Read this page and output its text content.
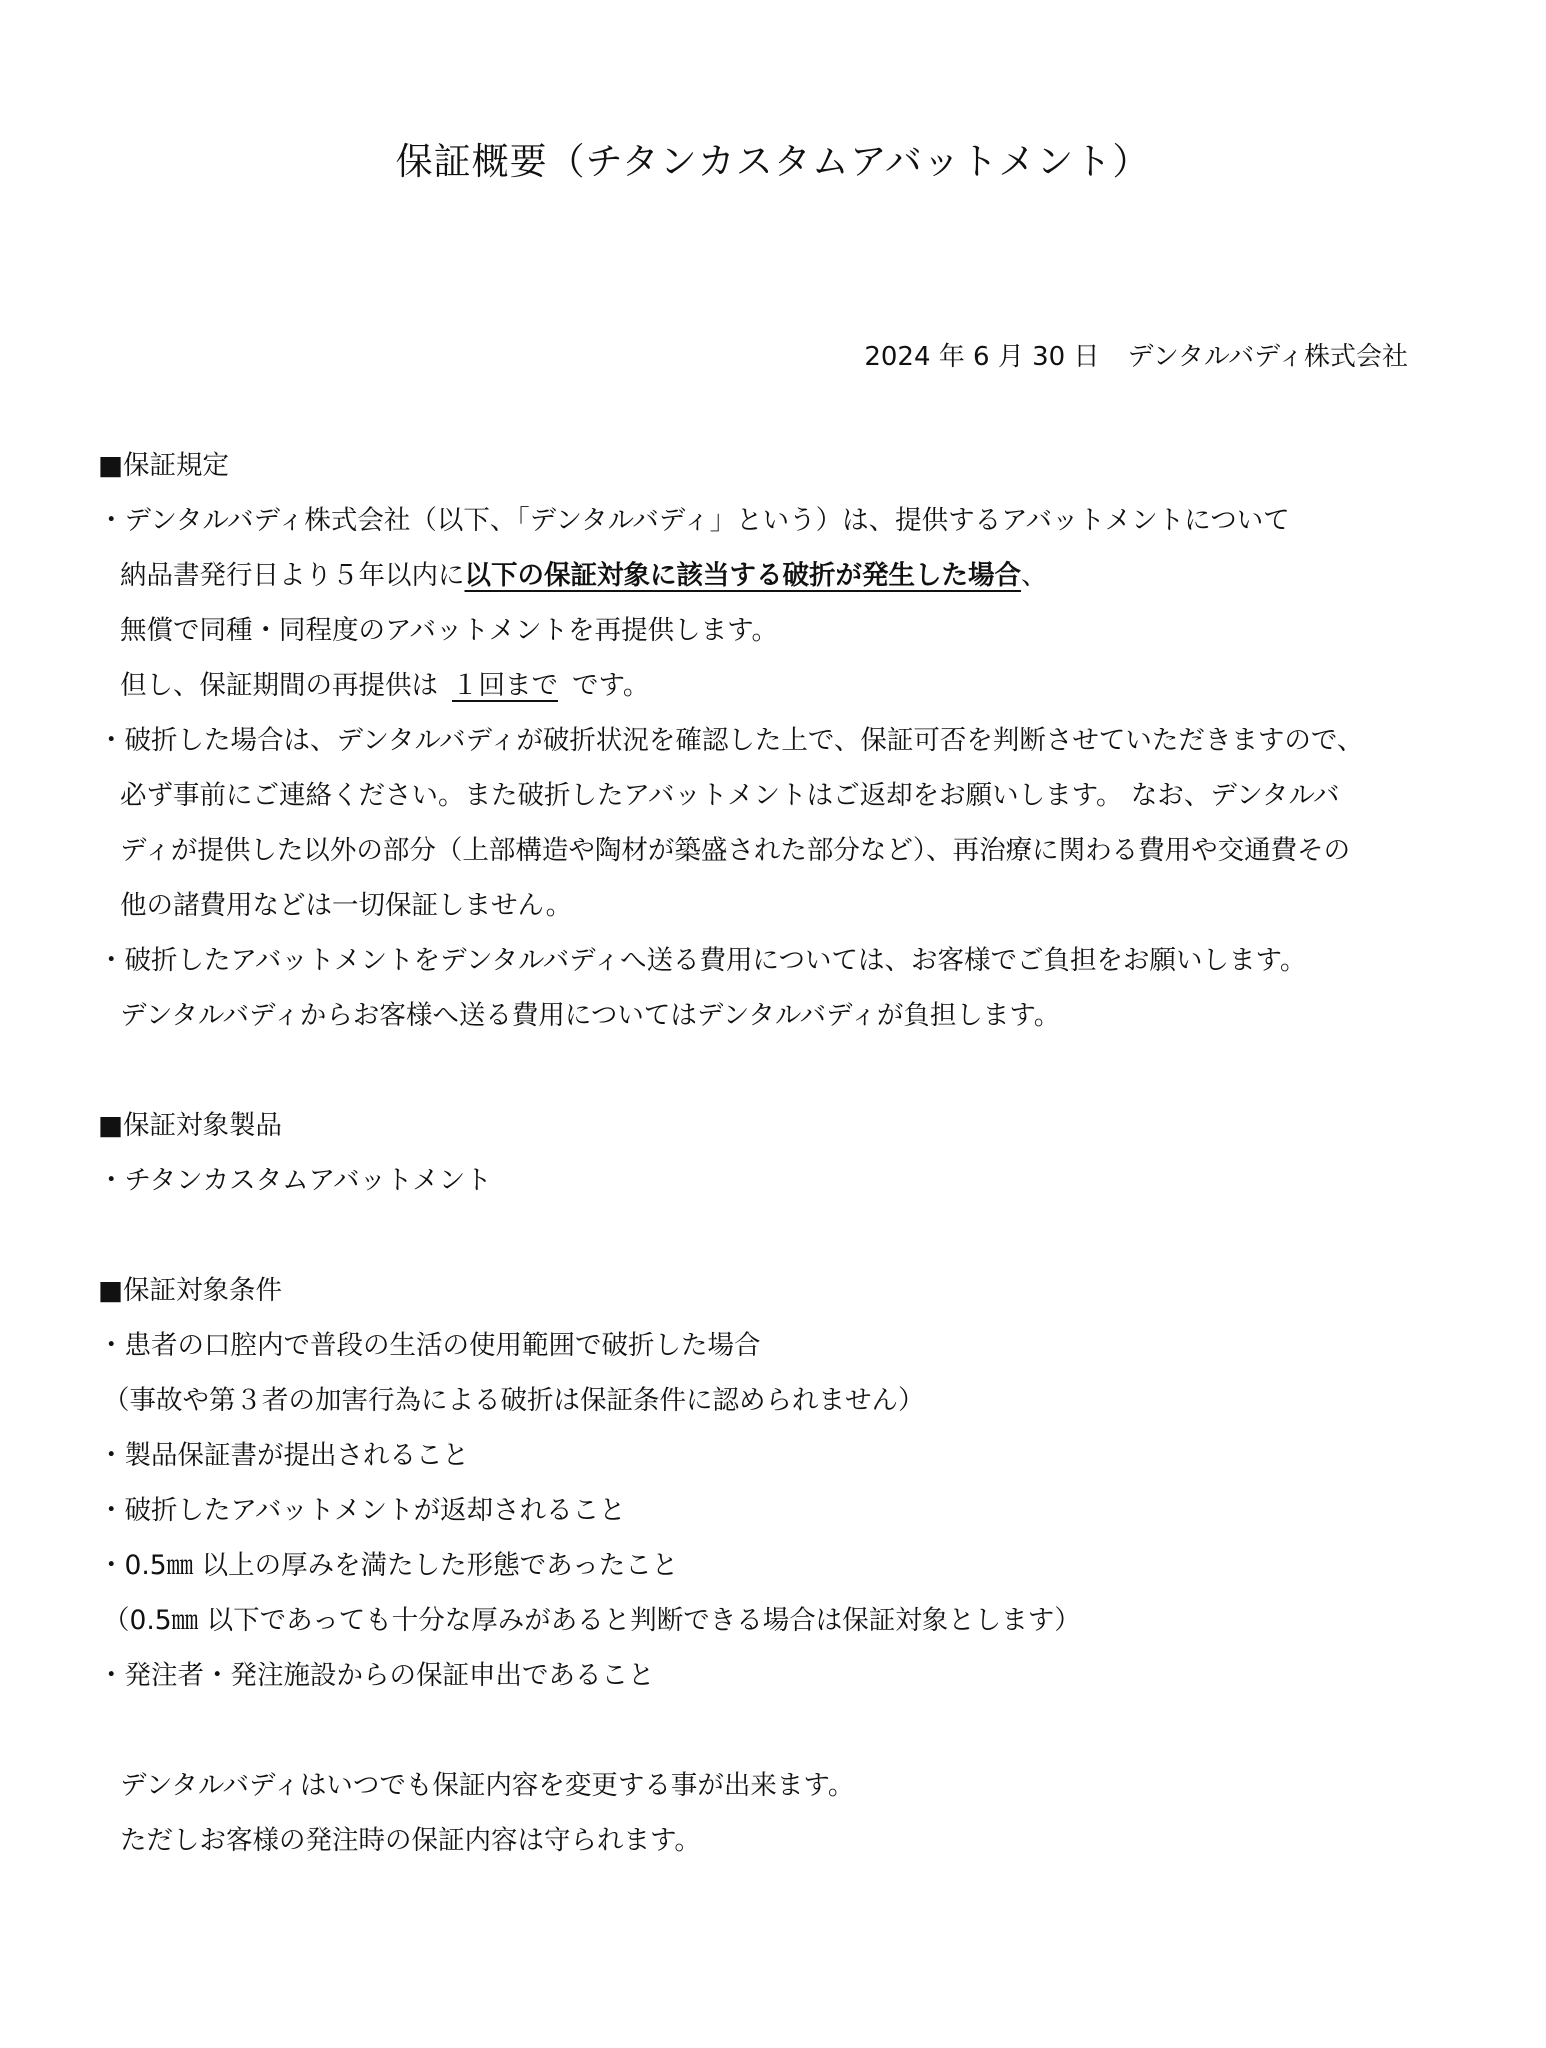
保証概要（チタンカスタムアバットメント）
2024 年 6 月 30 日 デンタルバディ株式会社
■保証規定
・デンタルバディ株式会社（以下、「デンタルバディ」という）は、提供するアバットメントについて
納品書発行日より５年以内に以下の保証対象に該当する破折が発生した場合、
無償で同種・同程度のアバットメントを再提供します。
但し、保証期間の再提供は １回まで です。
・破折した場合は、デンタルバディが破折状況を確認した上で、保証可否を判断させていただきますので、
必ず事前にご連絡ください。また破折したアバットメントはご返却をお願いします。 なお、デンタルバ
ディが提供した以外の部分（上部構造や陶材が築盛された部分など）、再治療に関わる費用や交通費その
他の諸費用などは一切保証しません。
・破折したアバットメントをデンタルバディへ送る費用については、お客様でご負担をお願いします。
デンタルバディからお客様へ送る費用についてはデンタルバディが負担します。
■保証対象製品
・チタンカスタムアバットメント
■保証対象条件
・患者の口腔内で普段の生活の使用範囲で破折した場合
（事故や第３者の加害行為による破折は保証条件に認められません）
・製品保証書が提出されること
・破折したアバットメントが返却されること
・0.5㎜ 以上の厚みを満たした形態であったこと
（0.5㎜ 以下であっても十分な厚みがあると判断できる場合は保証対象とします）
・発注者・発注施設からの保証申出であること
デンタルバディはいつでも保証内容を変更する事が出来ます。
ただしお客様の発注時の保証内容は守られます。
